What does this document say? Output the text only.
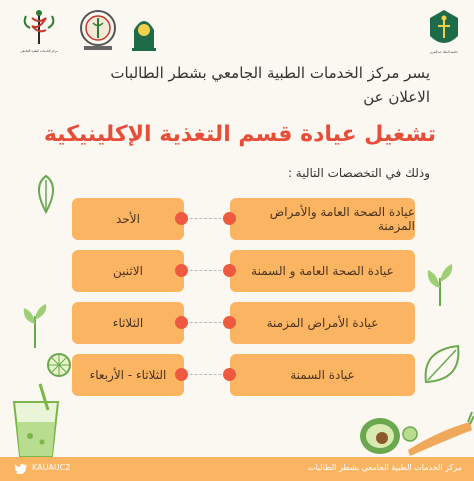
مركز الخدمات الطبية الجامعي	جامعة الملك عبدالعزيز
يسر مركز الخدمات الطبية الجامعي بشطر الطالبات
الاعلان عن
تشغيل عيادة قسم التغذية الإكلينيكية
وذلك في التخصصات التالية :
الأحد	عيادة الصحة العامة والأمراض المزمنة
الاثنين	عيادة الصحة العامة و السمنة
الثلاثاء	عيادة الأمراض المزمنة
الثلاثاء - الأربعاء	عيادة السمنة
KAUAUC2	مركز الخدمات الطبية الجامعي بشطر الطالبات
